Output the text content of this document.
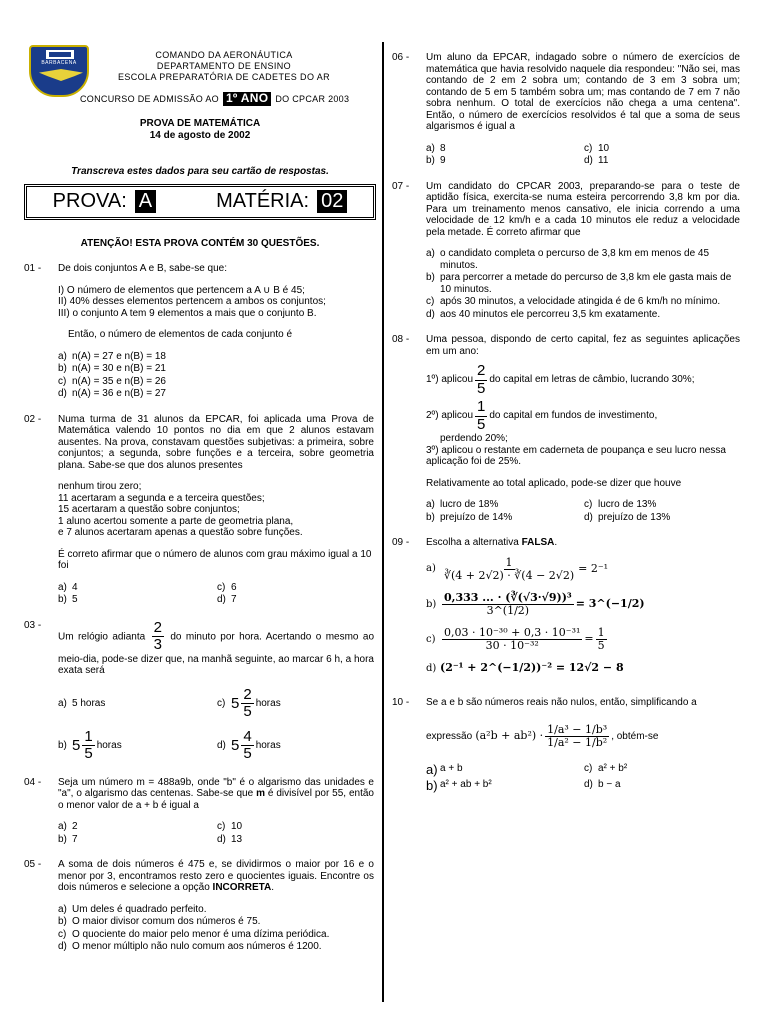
BARBACENA
COMANDO DA AERONÁUTICA
DEPARTAMENTO DE ENSINO
ESCOLA PREPARATÓRIA DE CADETES DO AR
CONCURSO DE ADMISSÃO AO 1º ANO DO CPCAR 2003
PROVA DE MATEMÁTICA
14 de agosto de 2002
Transcreva estes dados para seu cartão de respostas.
PROVA: A	MATÉRIA: 02
ATENÇÃO! ESTA PROVA CONTÉM 30 QUESTÕES.
01 - De dois conjuntos A e B, sabe-se que:
I) O número de elementos que pertencem a A ∪ B é 45;
II) 40% desses elementos pertencem a ambos os conjuntos;
III) o conjunto A tem 9 elementos a mais que o conjunto B.
Então, o número de elementos de cada conjunto é
a) n(A) = 27 e n(B) = 18
b) n(A) = 30 e n(B) = 21
c) n(A) = 35 e n(B) = 26
d) n(A) = 36 e n(B) = 27
02 - Numa turma de 31 alunos da EPCAR, foi aplicada uma Prova de Matemática valendo 10 pontos no dia em que 2 alunos estavam ausentes. Na prova, constavam questões subjetivas: a primeira, sobre conjuntos; a segunda, sobre funções e a terceira, sobre geometria plana. Sabe-se que dos alunos presentes
nenhum tirou zero;
11 acertaram a segunda e a terceira questões;
15 acertaram a questão sobre conjuntos;
1 aluno acertou somente a parte de geometria plana,
e 7 alunos acertaram apenas a questão sobre funções.
É correto afirmar que o número de alunos com grau máximo igual a 10 foi
a) 4	c) 6
b) 5	d) 7
03 -Um relógio adianta $\frac{2}{3}$ do minuto por hora. Acertando o mesmo ao meio-dia, pode-se dizer que, na manhã seguinte, ao marcar 6 h, a hora exata será
a) 5 horas	c) $5 \frac{2}{5}$ horas
b) $5 \frac{1}{5}$ horas	d) $5 \frac{4}{5}$ horas
04 - Seja um número m = 488a9b, onde "b" é o algarismo das unidades e "a", o algarismo das centenas. Sabe-se que m é divisível por 55, então o menor valor de a + b é igual a
a) 2	c) 10
b) 7	d) 13
05 - A soma de dois números é 475 e, se dividirmos o maior por 16 e o menor por 3, encontramos resto zero e quocientes iguais. Encontre os dois números e selecione a opção INCORRETA.
a) Um deles é quadrado perfeito.
b) O maior divisor comum dos números é 75.
c) O quociente do maior pelo menor é uma dízima periódica.
d) O menor múltiplo não nulo comum aos números é 1200.
06 - Um aluno da EPCAR, indagado sobre o número de exercícios de matemática que havia resolvido naquele dia respondeu: "Não sei, mas contando de 2 em 2 sobra um; contando de 3 em 3 sobra um; contando de 5 em 5 também sobra um; mas contando de 7 em 7 não sobra nenhum. O total de exercícios não chega a uma centena". Então, o número de exercícios resolvidos é tal que a soma de seus algarismos é igual a
a) 8	c) 10
b) 9	d) 11
07 - Um candidato do CPCAR 2003, preparando-se para o teste de aptidão física, exercita-se numa esteira percorrendo 3,8 km por dia. Para um treinamento menos cansativo, ele inicia correndo a uma velocidade de 12 km/h e a cada 10 minutos ele reduz a velocidade pela metade. É correto afirmar que
a) o candidato completa o percurso de 3,8 km em menos de 45 minutos.
b) para percorrer a metade do percurso de 3,8 km ele gasta mais de 10 minutos.
c) após 30 minutos, a velocidade atingida é de 6 km/h no mínimo.
d) aos 40 minutos ele percorreu 3,5 km exatamente.
08 - Uma pessoa, dispondo de certo capital, fez as seguintes aplicações em um ano:
1º) aplicou $\frac{2}{5}$ do capital em letras de câmbio, lucrando 30%;
2º) aplicou $\frac{1}{5}$ do capital em fundos de investimento,
perdendo 20%;
3º) aplicou o restante em caderneta de poupança e seu lucro nessa aplicação foi de 25%.
Relativamente ao total aplicado, pode-se dizer que houve
a) lucro de 18%	c) lucro de 13%
b) prejuízo de 14%	d) prejuízo de 13%
09 - Escolha a alternativa FALSA.
$a) \frac{1}{∛(4 + 2√2) \cdot ∛(4 - 2√2)} = 2^{-1}$
$b) \frac{\text{0,333 ... · (∛(√3·√9))³}}{3\^{}(1/2)}$ = 3^(−1/2)
$c) \frac{\text{0,03 · 10⁻³⁰ + 0,3 · 10⁻³¹}}{\text{30 · 10⁻³²}} = \frac{1}{5}$
d) (2⁻¹ + 2^(−1/2))⁻² = 12√2 − 8
10 - Se a e b são números reais não nulos, então, simplificando a
expressão
$(a^2b + ab^2) \cdot \frac{\text{1/a³ − 1/b³}}{\text{1/a² − 1/b²}}$ , obtém-se
a) a + b	c) a² + b²
b) a² + ab + b²	d) b − a
